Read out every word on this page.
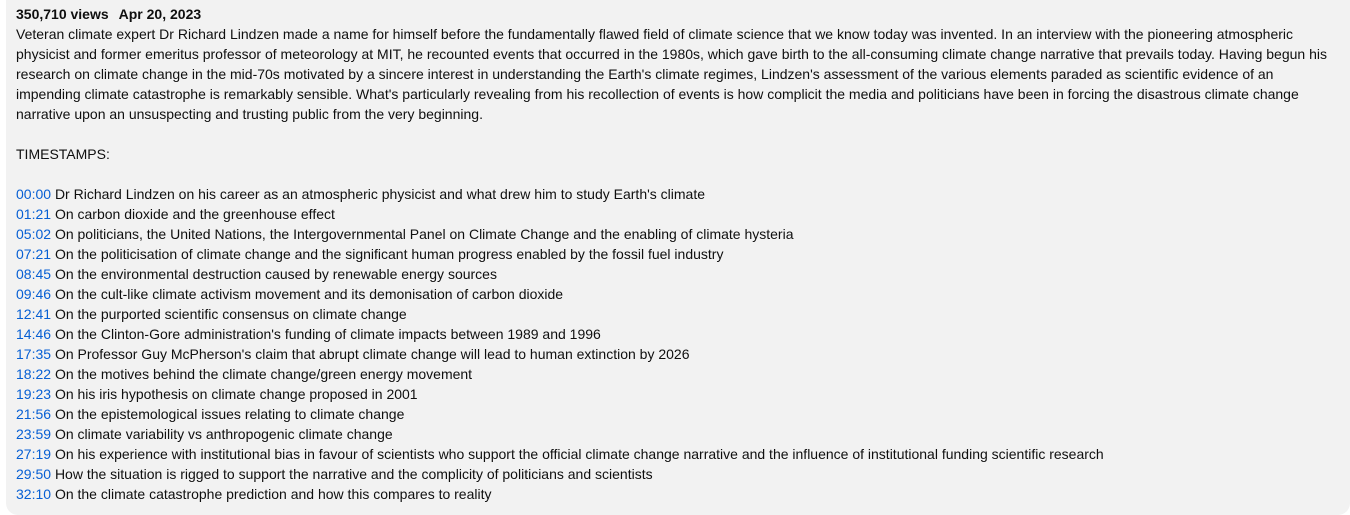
350,710 views Apr 20, 2023

Veteran climate expert Dr Richard Lindzen made a name for himself before the fundamentally flawed field of climate science that we know today was invented. In an interview with the pioneering atmospheric physicist and former emeritus professor of meteorology at MIT, he recounted events that occurred in the 1980s, which gave birth to the all-consuming climate change narrative that prevails today. Having begun his research on climate change in the mid-70s motivated by a sincere interest in understanding the Earth's climate regimes, Lindzen's assessment of the various elements paraded as scientific evidence of an impending climate catastrophe is remarkably sensible. What's particularly revealing from his recollection of events is how complicit the media and politicians have been in forcing the disastrous climate change narrative upon an unsuspecting and trusting public from the very beginning.

TIMESTAMPS:
00:00 Dr Richard Lindzen on his career as an atmospheric physicist and what drew him to study Earth's climate
01:21 On carbon dioxide and the greenhouse effect
05:02 On politicians, the United Nations, the Intergovernmental Panel on Climate Change and the enabling of climate hysteria
07:21 On the politicisation of climate change and the significant human progress enabled by the fossil fuel industry
08:45 On the environmental destruction caused by renewable energy sources
09:46 On the cult-like climate activism movement and its demonisation of carbon dioxide
12:41 On the purported scientific consensus on climate change
14:46 On the Clinton-Gore administration's funding of climate impacts between 1989 and 1996
17:35 On Professor Guy McPherson's claim that abrupt climate change will lead to human extinction by 2026
18:22 On the motives behind the climate change/green energy movement
19:23 On his iris hypothesis on climate change proposed in 2001
21:56 On the epistemological issues relating to climate change
23:59 On climate variability vs anthropogenic climate change
27:19 On his experience with institutional bias in favour of scientists who support the official climate change narrative and the influence of institutional funding scientific research
29:50 How the situation is rigged to support the narrative and the complicity of politicians and scientists
32:10 On the climate catastrophe prediction and how this compares to reality
